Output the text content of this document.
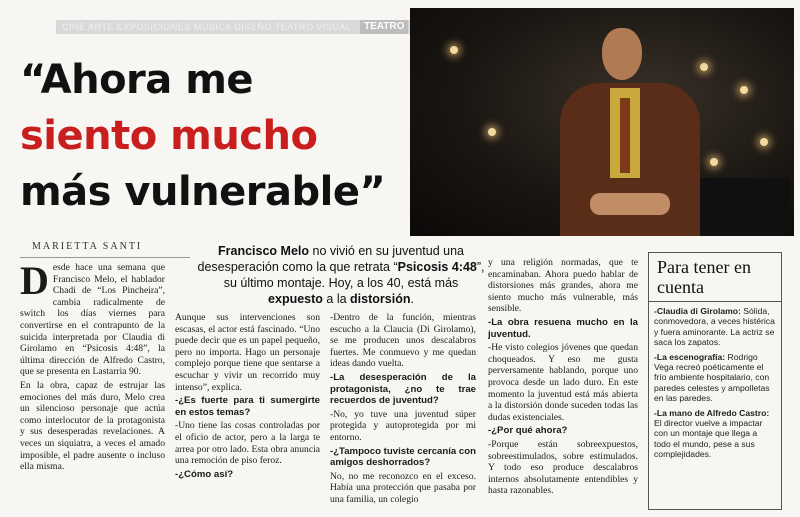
CINE ARTE EXPOSICIONES MÚSICA DISEÑO TEATRO VISUAL	TEATRO
“Ahora me
siento mucho
más vulnerable”
MARIETTA SANTI	Francisco Melo no vivió en su juventud una desesperación como la que retrata “Psicosis 4:48”, su último montaje. Hoy, a los 40, está más expuesto a la distorsión.
D esde hace una semana que Francisco Melo, el hablador Chadi de “Los Pincheira”, cambia radicalmente de switch los días viernes para convertirse en el contrapunto de la suicida interpretada por Claudia di Girolamo en “Psicosis 4:48”, la última dirección de Alfredo Castro, que se presenta en Lastarria 90.

En la obra, capaz de estrujar las emociones del más duro, Melo crea un silencioso personaje que actúa como interlocutor de la protagonista y sus desesperadas revelaciones. A veces un siquiatra, a veces el amado imposible, el padre ausente o incluso ella misma.

Aunque sus intervenciones son escasas, el actor está fascinado. “Uno puede decir que es un papel pequeño, pero no importa. Hago un personaje complejo porque tiene que sentarse a escuchar y vivir un recorrido muy intenso”, explica.

-¿Es fuerte para ti sumergirte en estos temas?

-Uno tiene las cosas controladas por el oficio de actor, pero a la larga te arrea por otro lado. Esta obra anuncia una remoción de piso feroz.

-¿Cómo así?

-Dentro de la función, mientras escucho a la Claucia (Di Girolamo), se me producen unos descalabros fuertes. Me conmuevo y me quedan ideas dando vuelta.

-La desesperación de la protagonista, ¿no te trae recuerdos de juventud?

-No, yo tuve una juventud súper protegida y autoprotegida por mi entorno.

-¿Tampoco tuviste cercanía con amigos deshorrados?

No, no me reconozco en el exceso. Había una protección que pasaba por una familia, un colegio

y una religión normadas, que te encaminaban. Ahora puedo hablar de distorsiones más grandes, ahora me siento mucho más vulnerable, más sensible.

-La obra resuena mucho en la juventud.

-He visto colegios jóvenes que quedan choqueados. Y eso me gusta perversamente hablando, porque uno provoca desde un lado duro. En este momento la juventud está más abierta a la distorsión donde suceden todas las dudas existenciales.

-¿Por qué ahora?

-Porque están sobreexpuestos, sobreestimulados, sobre estimulados. Y todo eso produce descalabros internos absolutamente entendibles y hasta razonables.

Para tener en cuenta

-Claudia di Girolamo: Sólida, conmovedora, a veces histérica y fuera aminorante. La actriz se saca los zapatos.

-La escenografía: Rodrigo Vega recreó poéticamente el frío ambiente hospitalario, con paredes celestes y ampolletas en las paredes.

-La mano de Alfredo Castro: El director vuelve a impactar con un montaje que llega a todo el mundo, pese a sus complejidades.
